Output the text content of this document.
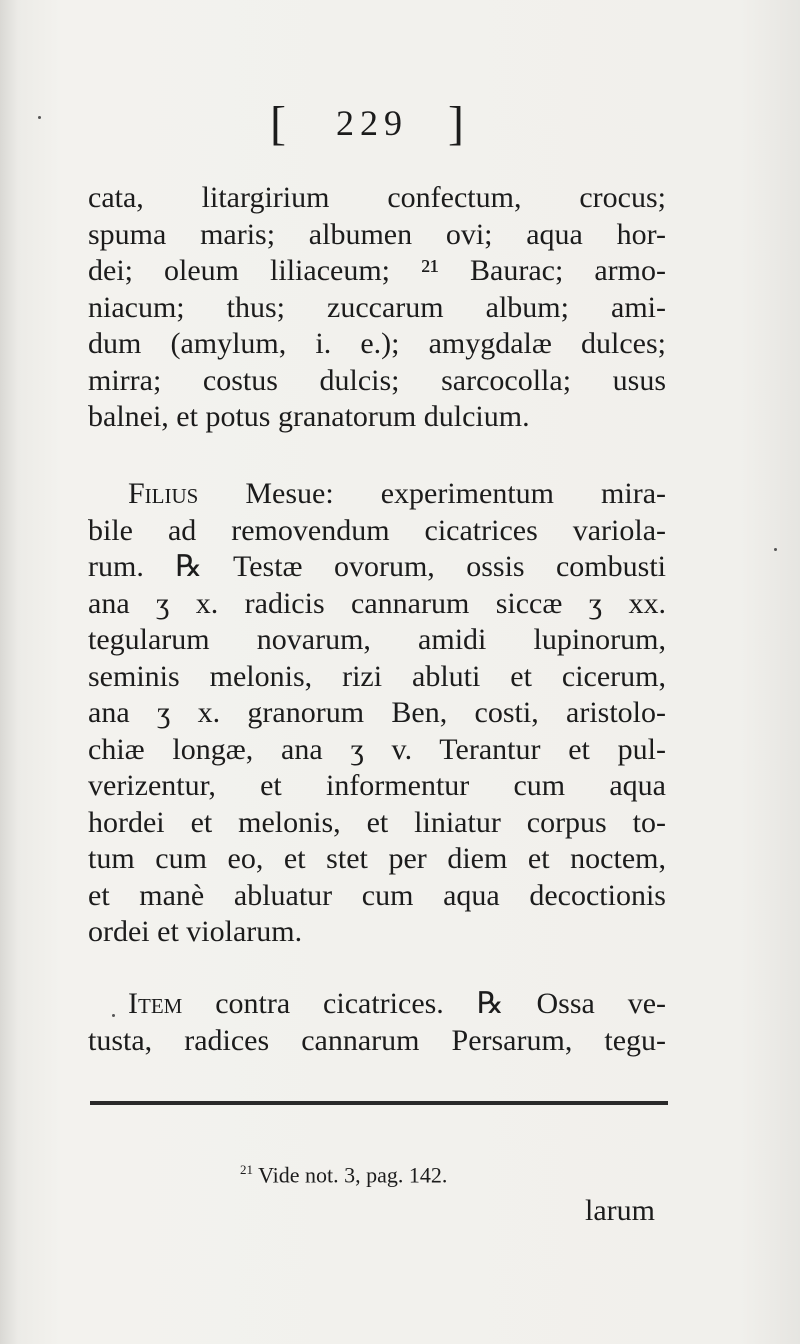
[ 229 ]
cata, litargirium confectum, crocus;
spuma maris; albumen ovi; aqua hor-
dei; oleum liliaceum; ²¹ Baurac; armo-
niacum; thus; zuccarum album; ami-
dum (amylum, i. e.); amygdalæ dulces;
mirra; costus dulcis; sarcocolla; usus
balnei, et potus granatorum dulcium.
Filius Mesue: experimentum mira-
bile ad removendum cicatrices variola-
rum. ℞ Testæ ovorum, ossis combusti
ana ʒ x. radicis cannarum siccæ ʒ xx.
tegularum novarum, amidi lupinorum,
seminis melonis, rizi abluti et cicerum,
ana ʒ x. granorum Ben, costi, aristolo-
chiæ longæ, ana ʒ v. Terantur et pul-
verizentur, et informentur cum aqua
hordei et melonis, et liniatur corpus to-
tum cum eo, et stet per diem et noctem,
et manè abluatur cum aqua decoctionis
ordei et violarum.
Item contra cicatrices. ℞ Ossa ve-
tusta, radices cannarum Persarum, tegu-
$^{21}$ Vide not. 3, pag. 142.
larum
